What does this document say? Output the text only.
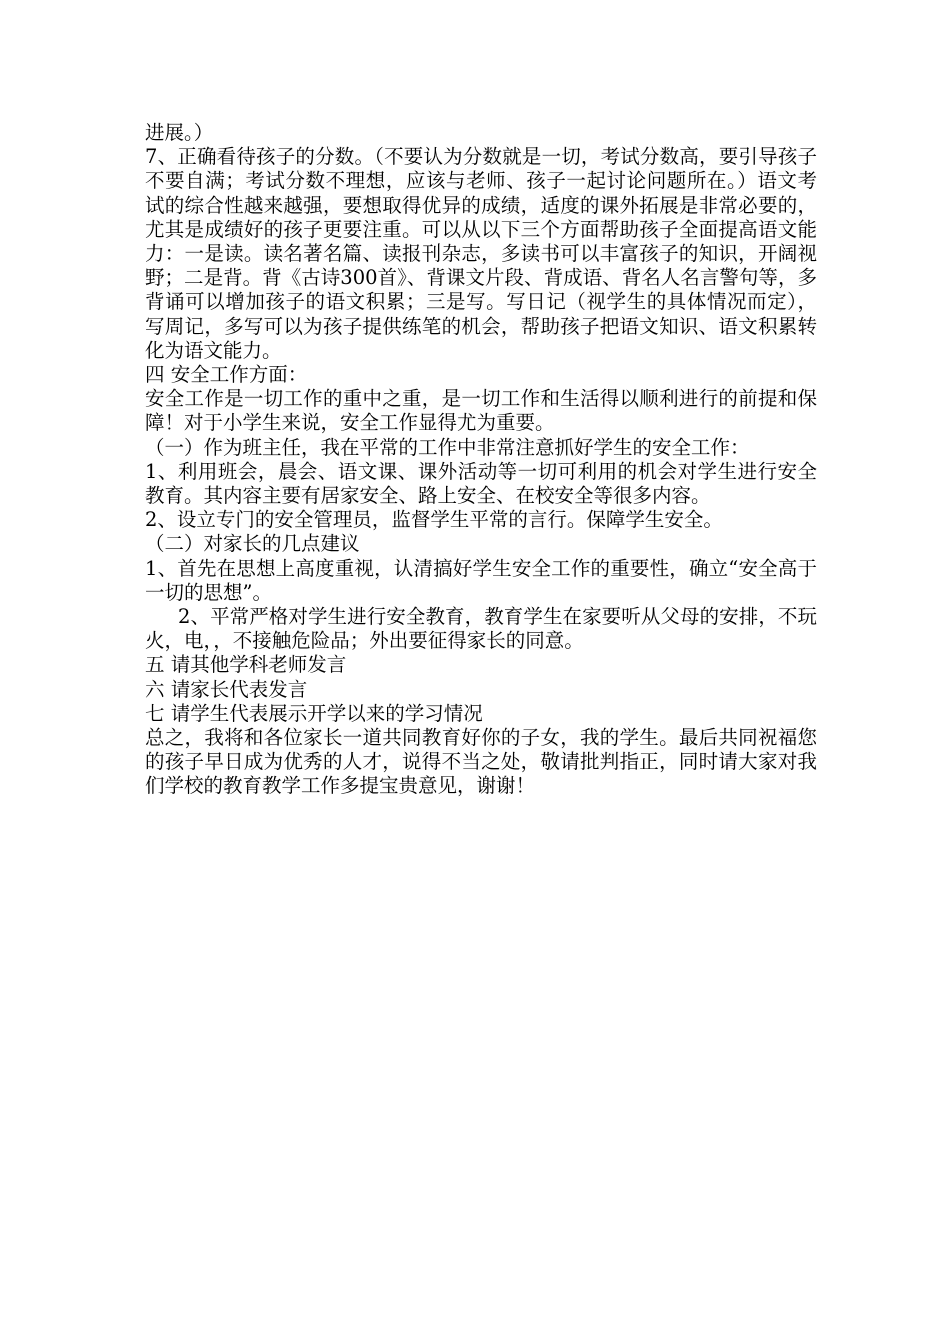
进展。）

7、正确看待孩子的分数。（不要认为分数就是一切，考试分数高，要引导孩子不要自满；考试分数不理想，应该与老师、孩子一起讨论问题所在。）语文考试的综合性越来越强，要想取得优异的成绩，适度的课外拓展是非常必要的，尤其是成绩好的孩子更要注重。可以从以下三个方面帮助孩子全面提高语文能力：一是读。读名著名篇、读报刊杂志，多读书可以丰富孩子的知识，开阔视野；二是背。背《古诗300首》、背课文片段、背成语、背名人名言警句等，多背诵可以增加孩子的语文积累；三是写。写日记（视学生的具体情况而定），写周记，多写可以为孩子提供练笔的机会，帮助孩子把语文知识、语文积累转化为语文能力。

四 安全工作方面：

安全工作是一切工作的重中之重，是一切工作和生活得以顺利进行的前提和保障！对于小学生来说，安全工作显得尤为重要。

（一）作为班主任，我在平常的工作中非常注意抓好学生的安全工作：

1、利用班会，晨会、语文课、课外活动等一切可利用的机会对学生进行安全教育。其内容主要有居家安全、路上安全、在校安全等很多内容。

2、设立专门的安全管理员，监督学生平常的言行。保障学生安全。

（二）对家长的几点建议

1、首先在思想上高度重视，认清搞好学生安全工作的重要性，确立“安全高于一切的思想”。

2、平常严格对学生进行安全教育，教育学生在家要听从父母的安排，不玩火，电，，不接触危险品；外出要征得家长的同意。

五 请其他学科老师发言

六 请家长代表发言

七 请学生代表展示开学以来的学习情况

总之，我将和各位家长一道共同教育好你的子女，我的学生。最后共同祝福您的孩子早日成为优秀的人才，说得不当之处，敬请批判指正，同时请大家对我们学校的教育教学工作多提宝贵意见，谢谢！
